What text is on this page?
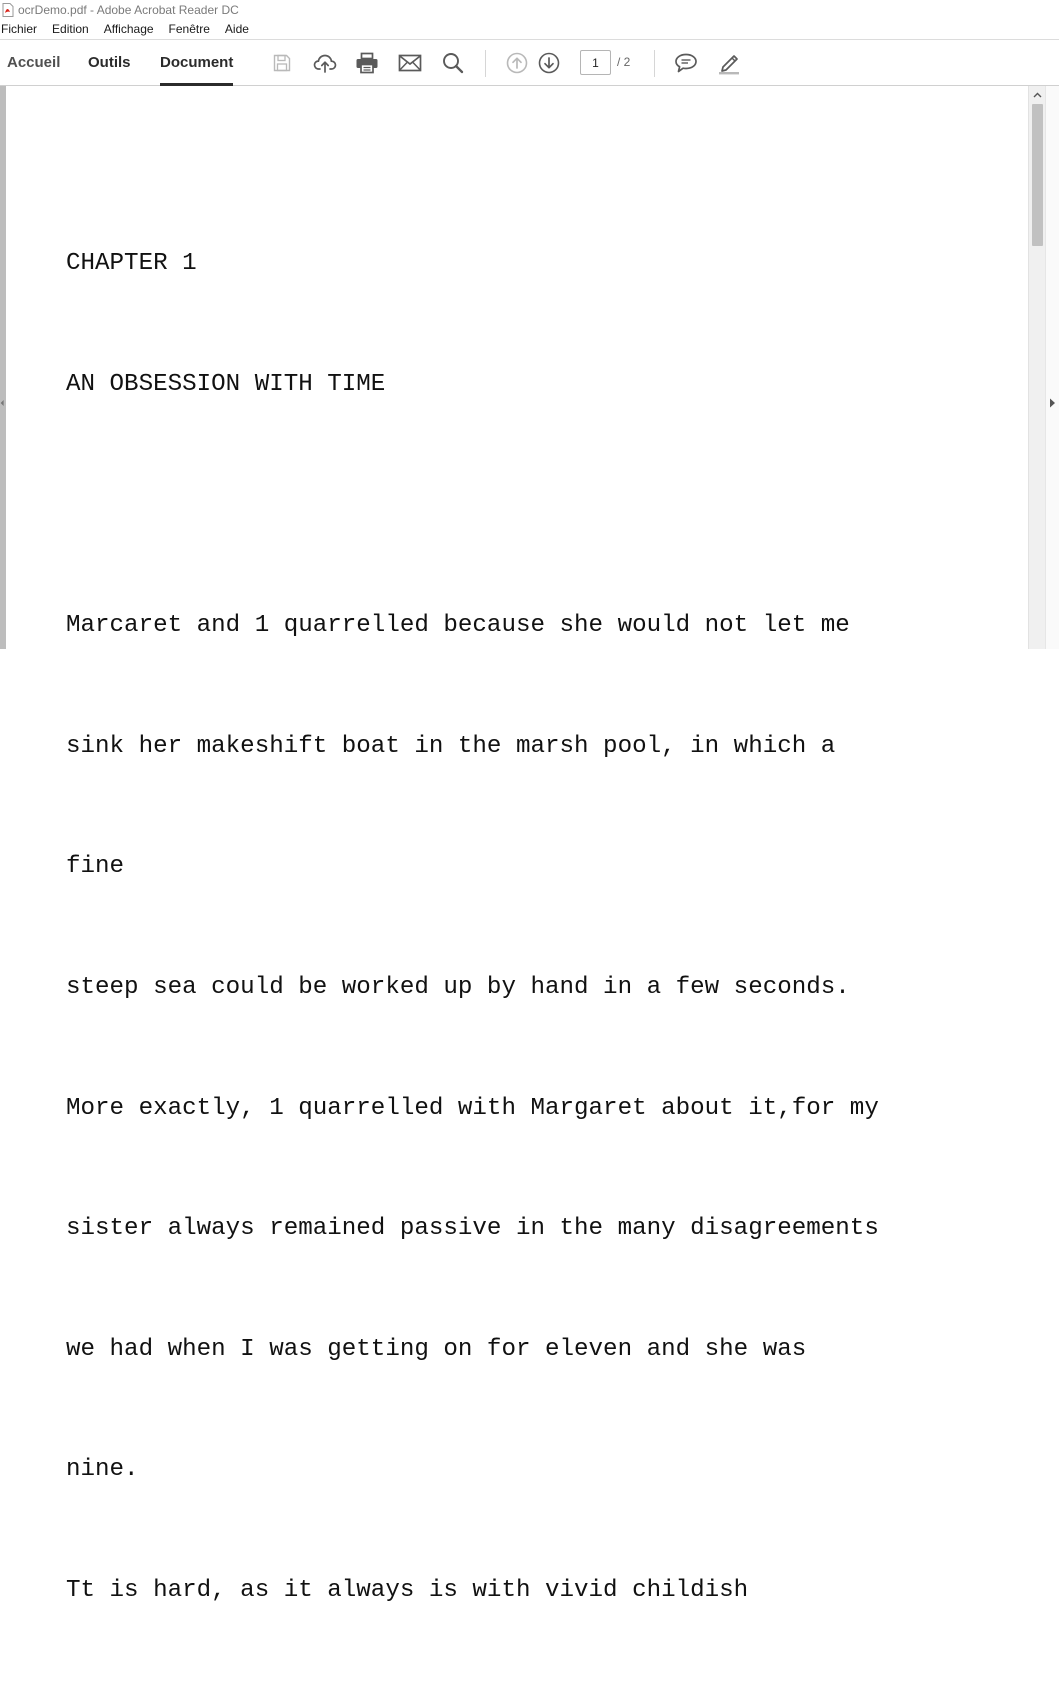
ocrDemo.pdf - Adobe Acrobat Reader DC
Fichier	Edition	Affichage	Fenêtre	Aide
Accueil Outils Document
1	/ 2

CHAPTER 1

AN OBSESSION WITH TIME

Marcaret and 1 quarrelled because she would not let me

sink her makeshift boat in the marsh pool, in which a

fine

steep sea could be worked up by hand in a few seconds.

More exactly, 1 quarrelled with Margaret about it,for my

sister always remained passive in the many disagreements

we had when I was getting on for eleven and she was

nine.

Tt is hard, as it always is with vivid childish
